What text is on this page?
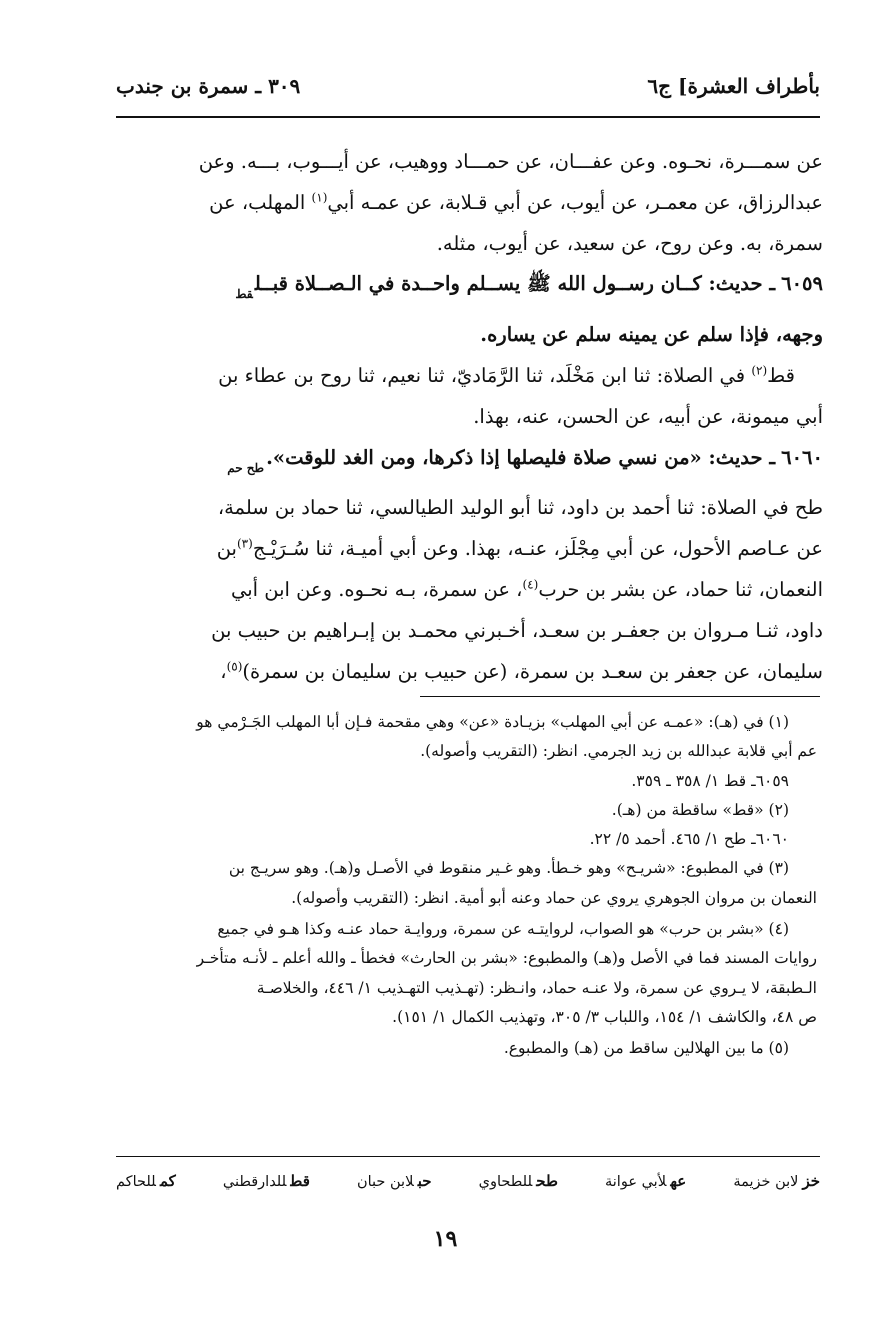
بأطراف العشرة] ج٦
٣٠٩ ـ سمرة بن جندب

عن سمـــرة، نحـوه. وعن عفـــان، عن حمـــاد ووهيب، عن أيـــوب، بـــه. وعن

عبدالرزاق، عن معمـر، عن أيوب، عن أبي قـلابة، عن عمـه أبي$^{(١)}$ المهلب، عن

سمرة، به. وعن روح، عن سعيد، عن أيوب، مثله.

٦٠٥٩ـ حديث: كــان رســول الله ﷺ يســلم واحــدة في الـصــلاة قبــل$_{قط}$
وجهه، فإذا سلم عن يمينه سلم عن يساره.

قط$^{(٢)}$ في الصلاة: ثنا ابن مَخْلَد، ثنا الرَّمَاديّ، ثنا نعيم، ثنا روح بن عطاء بن
أبي ميمونة، عن أبيه، عن الحسن، عنه، بهذا.

٦٠٦٠ـ حديث: «من نسي صلاة فليصلها إذا ذكرها، ومن الغد $للوقت»._{طح حم}$

طح في الصلاة: ثنا أحمد بن داود، ثنا أبو الوليد الطيالسي، ثنا حماد بن سلمة،
عن عـاصم الأحول، عن أبي مِجْلَز، عنـه، بهذا. وعن أبي أميـة، ثنا سُـرَيْـج$^{(٣)}$بن
النعمان، ثنا حماد، عن بشر بن حرب$^{(٤)}$، عن سمرة، بـه نحـوه. وعن ابن أبي
داود، ثنـا مـروان بن جعفـر بن سعـد، أخـبرني محمـد بن إبـراهيم بن حبيب بن
سليمان، عن جعفر بن سعـد بن سمرة، (عن حبيب بن سليمان بن سمرة)$^{(٥)}$،

(١) في (هـ): «عمـه عن أبي المهلب» بزيـادة «عن» وهي مقحمة فـإن أبا المهلب الجَـرْمي هو

عم أبي قلابة عبدالله بن زيد الجرمي. انظر: (التقريب وأصوله).

٦٠٥٩ـ قط ١/ ٣٥٨ ـ ٣٥٩.

(٢) «قط» ساقطة من (هـ).

٦٠٦٠ـ طح ١/ ٤٦٥. أحمد ٥/ ٢٢.

(٣) في المطبوع: «شريـح» وهو خـطأ. وهو غـير منقوط في الأصـل و(هـ). وهو سريـج بن

النعمان بن مروان الجوهري يروي عن حماد وعنه أبو أمية. انظر: (التقريب وأصوله).

(٤) «بشر بن حرب» هو الصواب، لروايتـه عن سمرة، وروايـة حماد عنـه وكذا هـو في جميع

روايات المسند فما في الأصل و(هـ) والمطبوع: «بشر بن الحارث» فخطأ ـ والله أعلم ـ لأنـه متأخـر

الـطبقة، لا يـروي عن سمرة، ولا عنـه حماد، وانـظر: (تهـذيب التهـذيب ١/ ٤٤٦، والخلاصـة

ص ٤٨، والكاشف ١/ ١٥٤، واللباب ٣/ ٣٠٥، وتهذيب الكمال ١/ ١٥١).

(٥) ما بين الهلالين ساقط من (هـ) والمطبوع.

خزلابن خزيمة
عهلأبي عوانة
طحللطحاوي
حبلابن حبان
قطللدارقطني
كمللحاكم
١٩
